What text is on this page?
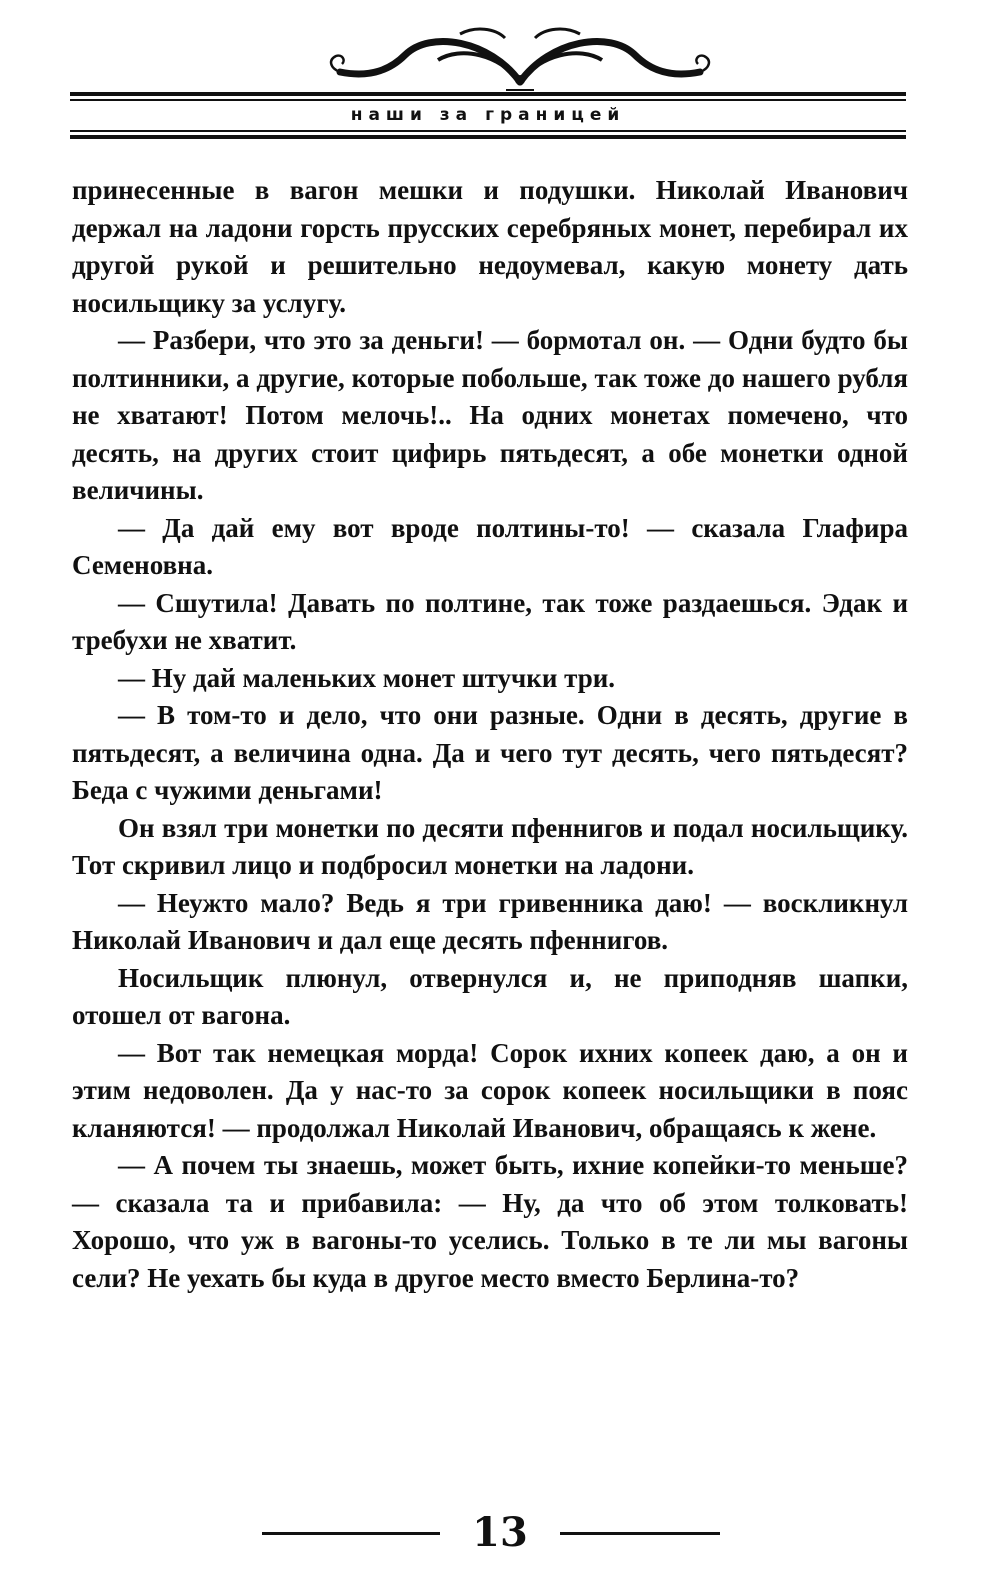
наши за границей

принесенные в вагон мешки и подушки. Николай Иванович держал на ладони горсть прусских серебряных монет, перебирал их другой рукой и решительно недоумевал, какую монету дать носильщику за услугу.

— Разбери, что это за деньги! — бормотал он. — Одни будто бы полтинники, а другие, которые побольше, так тоже до нашего рубля не хватают! Потом мелочь!.. На одних монетах помечено, что десять, на других стоит цифирь пятьдесят, а обе монетки одной величины.

— Да дай ему вот вроде полтины-то! — сказала Глафира Семеновна.

— Сшутила! Давать по полтине, так тоже раздаешься. Эдак и требухи не хватит.

— Ну дай маленьких монет штучки три.

— В том-то и дело, что они разные. Одни в десять, другие в пятьдесят, а величина одна. Да и чего тут десять, чего пятьдесят? Беда с чужими деньгами!

Он взял три монетки по десяти пфеннигов и подал носильщику. Тот скривил лицо и подбросил монетки на ладони.

— Неужто мало? Ведь я три гривенника даю! — воскликнул Николай Иванович и дал еще десять пфеннигов.

Носильщик плюнул, отвернулся и, не приподняв шапки, отошел от вагона.

— Вот так немецкая морда! Сорок ихних копеек даю, а он и этим недоволен. Да у нас-то за сорок копеек носильщики в пояс кланяются! — продолжал Николай Иванович, обращаясь к жене.

— А почем ты знаешь, может быть, ихние копейки-то меньше? — сказала та и прибавила: — Ну, да что об этом толковать! Хорошо, что уж в вагоны-то уселись. Только в те ли мы вагоны сели? Не уехать бы куда в другое место вместо Берлина-то?

13
